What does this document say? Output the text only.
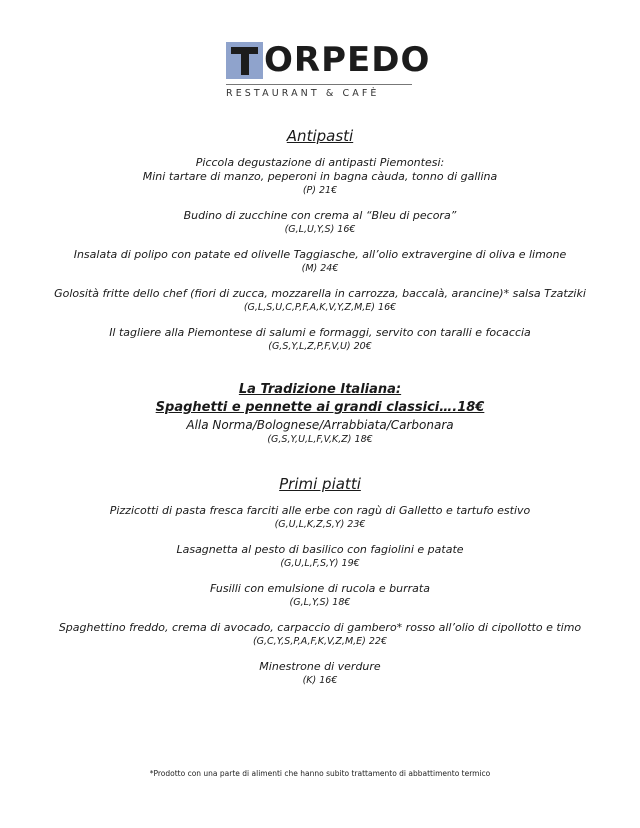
ORPEDO
RESTAURANT & CAFÈ
Antipasti

Piccola degustazione di antipasti Piemontesi:

Mini tartare di manzo, peperoni in bagna càuda, tonno di gallina

(P) 21€

Budino di zucchine con crema al “Bleu di pecora”

(G,L,U,Y,S) 16€

Insalata di polipo con patate ed olivelle Taggiasche, all’olio extravergine di oliva e limone

(M) 24€

Golosità fritte dello chef (fiori di zucca, mozzarella in carrozza, baccalà, arancine)* salsa Tzatziki

(G,L,S,U,C,P,F,A,K,V,Y,Z,M,E) 16€

Il tagliere alla Piemontese di salumi e formaggi, servito con taralli e focaccia

(G,S,Y,L,Z,P,F,V,U) 20€

La Tradizione Italiana:

Spaghetti e pennette ai grandi classici….18€

Alla Norma/Bolognese/Arrabbiata/Carbonara

(G,S,Y,U,L,F,V,K,Z) 18€

Primi piatti

Pizzicotti di pasta fresca farciti alle erbe con ragù di Galletto e tartufo estivo

(G,U,L,K,Z,S,Y) 23€

Lasagnetta al pesto di basilico con fagiolini e patate

(G,U,L,F,S,Y) 19€

Fusilli con emulsione di rucola e burrata

(G,L,Y,S) 18€

Spaghettino freddo, crema di avocado, carpaccio di gambero* rosso all’olio di cipollotto e timo

(G,C,Y,S,P,A,F,K,V,Z,M,E) 22€

Minestrone di verdure

(K) 16€

*Prodotto con una parte di alimenti che hanno subito trattamento di abbattimento termico
